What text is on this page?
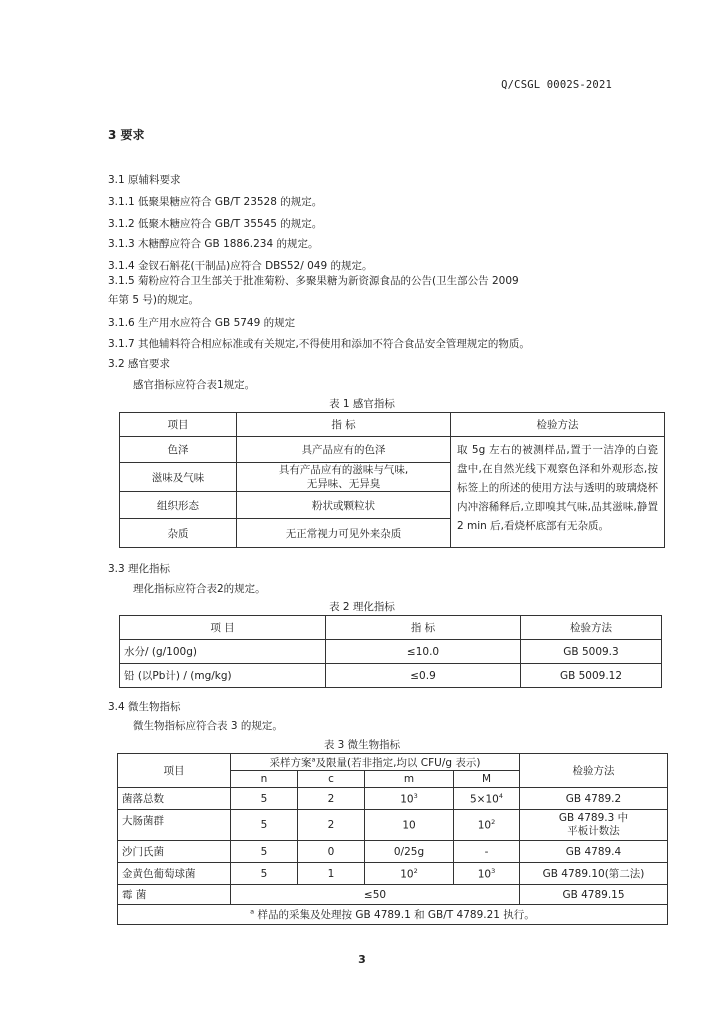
Q/CSGL 0002S-2021
3 要求
3.1 原辅料要求
3.1.1 低聚果糖应符合 GB/T 23528 的规定。
3.1.2 低聚木糖应符合 GB/T 35545 的规定。
3.1.3 木糖醇应符合 GB 1886.234 的规定。
3.1.4 金钗石斛花(干制品)应符合 DBS52/ 049 的规定。
3.1.5 菊粉应符合卫生部关于批准菊粉、多聚果糖为新资源食品的公告(卫生部公告 2009
年第 5 号)的规定。
3.1.6 生产用水应符合 GB 5749 的规定
3.1.7 其他辅料符合相应标准或有关规定,不得使用和添加不符合食品安全管理规定的物质。
3.2 感官要求
感官指标应符合表1规定。
表 1 感官指标
项目	指 标	检验方法
色泽	具产品应有的色泽	取 5g 左右的被测样品,置于一洁净的白瓷盘中,在自然光线下观察色泽和外观形态,按标签上的所述的使用方法与透明的玻璃烧杯内冲溶稀释后,立即嗅其气味,品其滋味,静置 2 min 后,看烧杯底部有无杂质。
滋味及气味	具有产品应有的滋味与气味,
无异味、无异臭	

组织形态	粉状或颗粒状	
杂质	无正常视力可见外来杂质	
3.3 理化指标
理化指标应符合表2的规定。
表 2 理化指标
项 目	指 标	检验方法
水分/ (g/100g)	≤10.0	GB 5009.3
铅 (以Pb计) / (mg/kg)	≤0.9	GB 5009.12
3.4 微生物指标
微生物指标应符合表 3 的规定。
表 3 微生物指标
项目	采样方案$^a$及限量(若非指定,均以 CFU/g 表示)				检验方法
	n	c	m	M	
菌落总数	5	2	$10^3$	$5\times 10^4$	GB 4789.2
大肠菌群	5	2	10	$10^2$	GB 4789.3 中
平板计数法

沙门氏菌	5	0	0/25g	-	GB 4789.4
金黄色葡萄球菌	5	1	$10^2$	$10^3$	GB 4789.10(第二法)
霉 菌	≤50				GB 4789.15
$^a$ 样品的采集及处理按 GB 4789.1 和 GB/T 4789.21 执行。					
3
